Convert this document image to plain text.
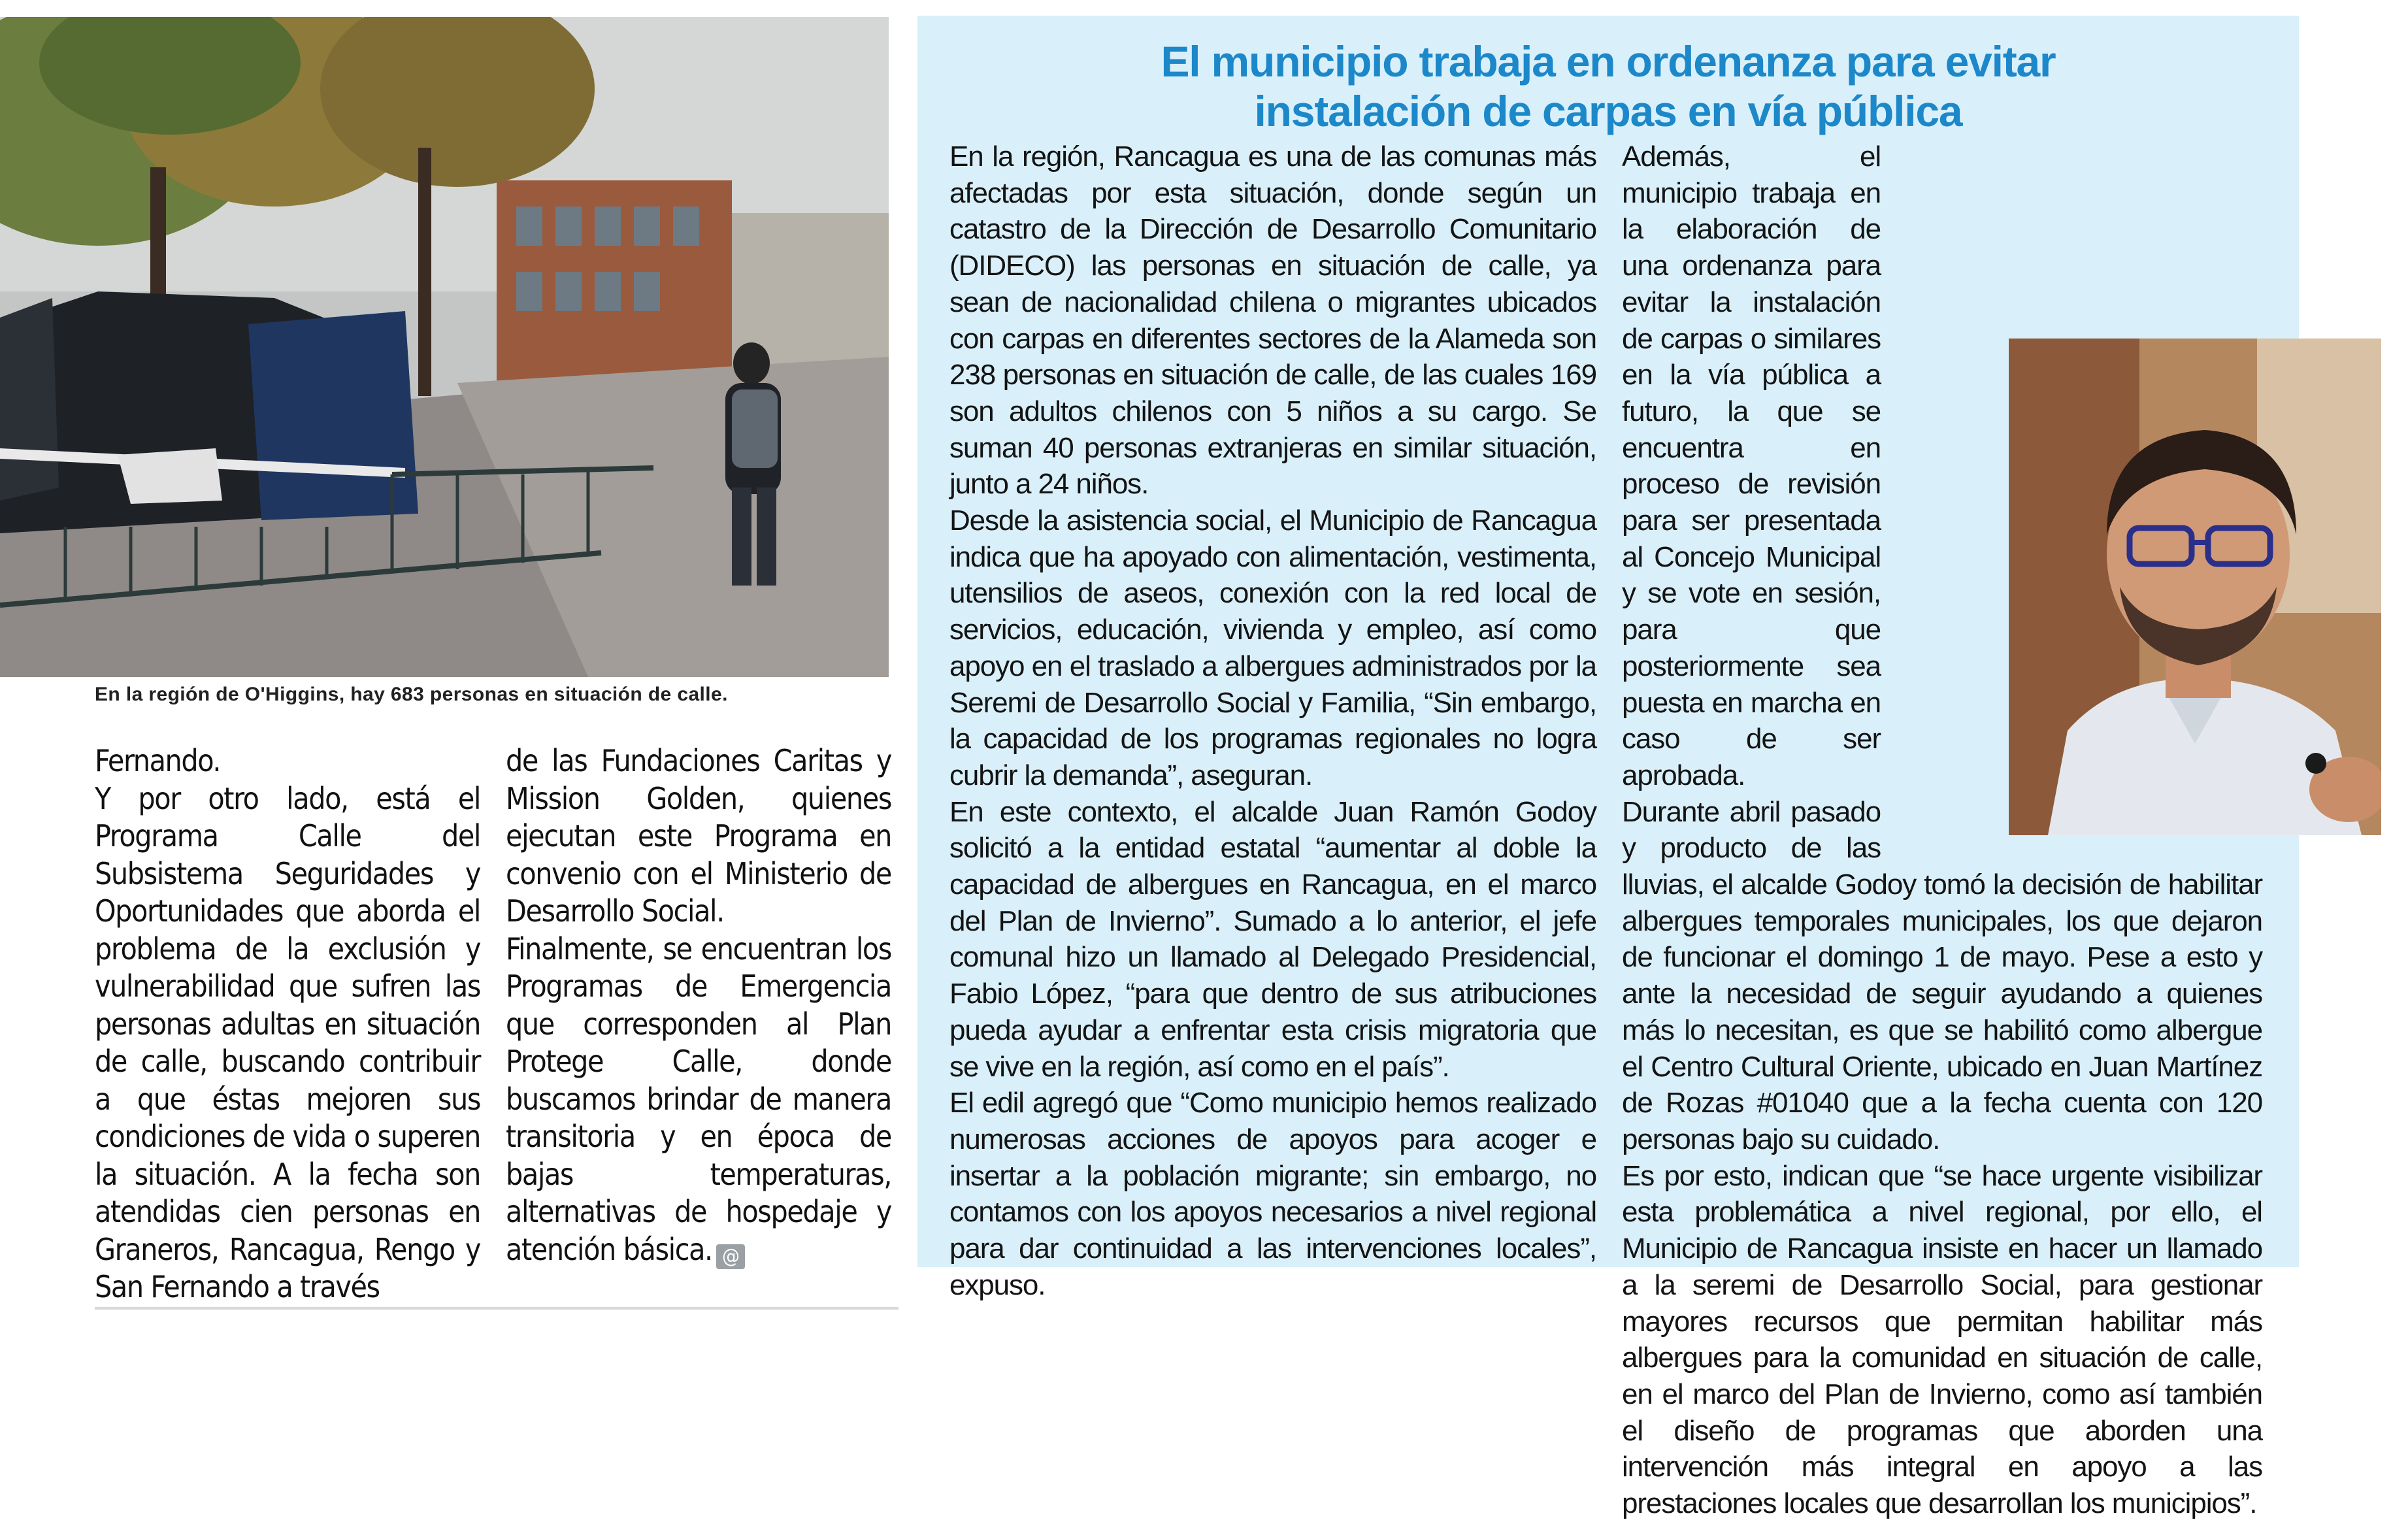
En la región de O'Higgins, hay 683 personas en situación de calle.

Fernando.

Y por otro lado, está el Programa Calle del Subsistema Seguridades y Oportunidades que aborda el problema de la exclusión y vulnerabilidad que sufren las personas adultas en situación de calle, buscando contribuir a que éstas mejoren sus condiciones de vida o superen la situación. A la fecha son atendidas cien personas en Graneros, Rancagua, Rengo y San Fernando a través

de las Fundaciones Caritas y Mission Golden, quienes ejecutan este Programa en convenio con el Ministerio de Desarrollo Social.

Finalmente, se encuentran los Programas de Emergencia que corresponden al Plan Protege Calle, donde buscamos brindar de manera transitoria y en época de bajas temperaturas, alternativas de hospedaje y atención básica. @

El municipio trabaja en ordenanza para evitar
instalación de carpas en vía pública

En la región, Rancagua es una de las comunas más afectadas por esta situación, donde según un catastro de la Dirección de Desarrollo Comunitario (DIDECO) las personas en situación de calle, ya sean de nacionalidad chilena o migrantes ubicados con carpas en diferentes sectores de la Alameda son 238 personas en situación de calle, de las cuales 169 son adultos chilenos con 5 niños a su cargo. Se suman 40 personas extranjeras en similar situación, junto a 24 niños.

Desde la asistencia social, el Municipio de Rancagua indica que ha apoyado con alimentación, vestimenta, utensilios de aseos, conexión con la red local de servicios, educación, vivienda y empleo, así como apoyo en el traslado a albergues administrados por la Seremi de Desarrollo Social y Familia, “Sin embargo, la capacidad de los programas regionales no logra cubrir la demanda”, aseguran.

En este contexto, el alcalde Juan Ramón Godoy solicitó a la entidad estatal “aumentar al doble la capacidad de albergues en Rancagua, en el marco del Plan de Invierno”. Sumado a lo anterior, el jefe comunal hizo un llamado al Delegado Presidencial, Fabio López, “para que dentro de sus atribuciones pueda ayudar a enfrentar esta crisis migratoria que se vive en la región, así como en el país”.

El edil agregó que “Como municipio hemos realizado numerosas acciones de apoyos para acoger e insertar a la población migrante; sin embargo, no contamos con los apoyos necesarios a nivel regional para dar continuidad a las intervenciones locales”, expuso.

Además, el municipio trabaja en la elaboración de una ordenanza para evitar la instalación de carpas o similares en la vía pública a futuro, la que se encuentra en proceso de revisión para ser presentada al Concejo Municipal y se vote en sesión, para que posteriormente sea puesta en marcha en caso de ser aprobada.

Durante abril pasado y producto de las lluvias, el alcalde Godoy tomó la decisión de habilitar albergues temporales municipales, los que dejaron de funcionar el domingo 1 de mayo. Pese a esto y ante la necesidad de seguir ayudando a quienes más lo necesitan, es que se habilitó como albergue el Centro Cultural Oriente, ubicado en Juan Martínez de Rozas #01040 que a la fecha cuenta con 120 personas bajo su cuidado.

Es por esto, indican que “se hace urgente visibilizar esta problemática a nivel regional, por ello, el Municipio de Rancagua insiste en hacer un llamado a la seremi de Desarrollo Social, para gestionar mayores recursos que permitan habilitar más albergues para la comunidad en situación de calle, en el marco del Plan de Invierno, como así también el diseño de programas que aborden una intervención más integral en apoyo a las prestaciones locales que desarrollan los municipios”.
